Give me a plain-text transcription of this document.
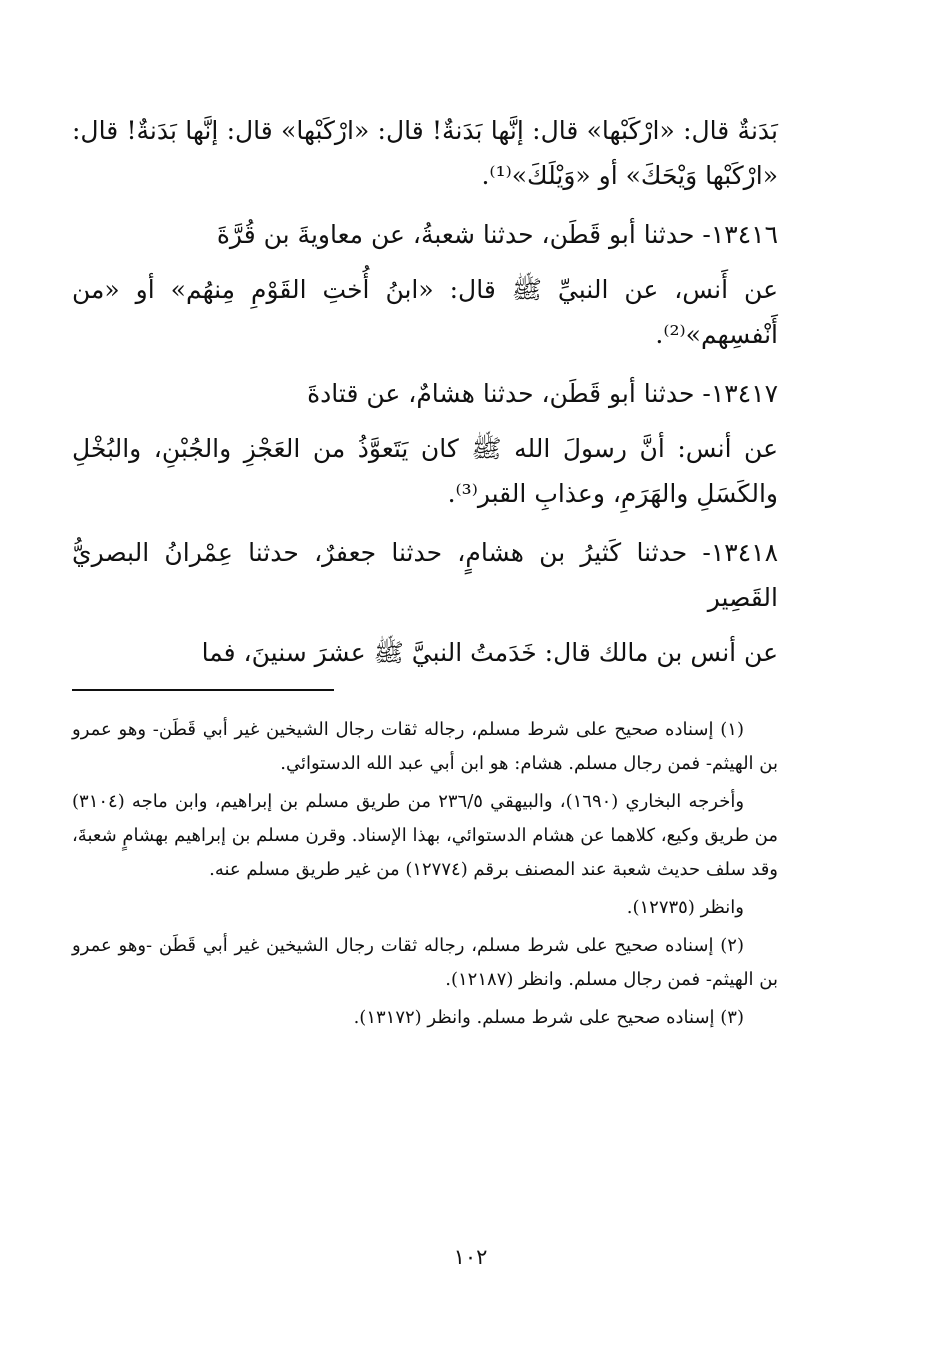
بَدَنةٌ قال: «ارْكَبْها» قال: إنَّها بَدَنةٌ! قال: «ارْكَبْها» قال: إنَّها بَدَنةٌ! قال: «ارْكَبْها وَيْحَكَ» أو «وَيْلَكَ»⁽¹⁾.

١٣٤١٦- حدثنا أبو قَطَن، حدثنا شعبةُ، عن معاويةَ بن قُرَّةَ

عن أَنس، عن النبيِّ ﷺ قال: «ابنُ أُختِ القَوْمِ مِنهُم» أو «من أَنْفسِهم»⁽²⁾.

١٣٤١٧- حدثنا أبو قَطَن، حدثنا هشامٌ، عن قتادةَ

عن أنس: أنَّ رسولَ الله ﷺ كان يَتَعوَّذُ من العَجْزِ والجُبْنِ، والبُخْلِ والكَسَلِ والهَرَمِ، وعذابِ القبر⁽³⁾.

١٣٤١٨- حدثنا كَثيرُ بن هشامٍ، حدثنا جعفرٌ، حدثنا عِمْرانُ البصريُّ القَصِير

عن أنس بن مالك قال: خَدَمتُ النبيَّ ﷺ عشرَ سنينَ، فما

(١) إسناده صحيح على شرط مسلم، رجاله ثقات رجال الشيخين غير أبي قَطَن- وهو عمرو بن الهيثم- فمن رجال مسلم. هشام: هو ابن أبي عبد الله الدستوائي.

وأخرجه البخاري (١٦٩٠)، والبيهقي ٢٣٦/٥ من طريق مسلم بن إبراهيم، وابن ماجه (٣١٠٤) من طريق وكيع، كلاهما عن هشام الدستوائي، بهذا الإسناد. وقرن مسلم بن إبراهيم بهشامٍ شعبةَ، وقد سلف حديث شعبة عند المصنف برقم (١٢٧٧٤) من غير طريق مسلم عنه.

وانظر (١٢٧٣٥).

(٢) إسناده صحيح على شرط مسلم، رجاله ثقات رجال الشيخين غير أبي قَطَن -وهو عمرو بن الهيثم- فمن رجال مسلم. وانظر (١٢١٨٧).

(٣) إسناده صحيح على شرط مسلم. وانظر (١٣١٧٢).

١٠٢
